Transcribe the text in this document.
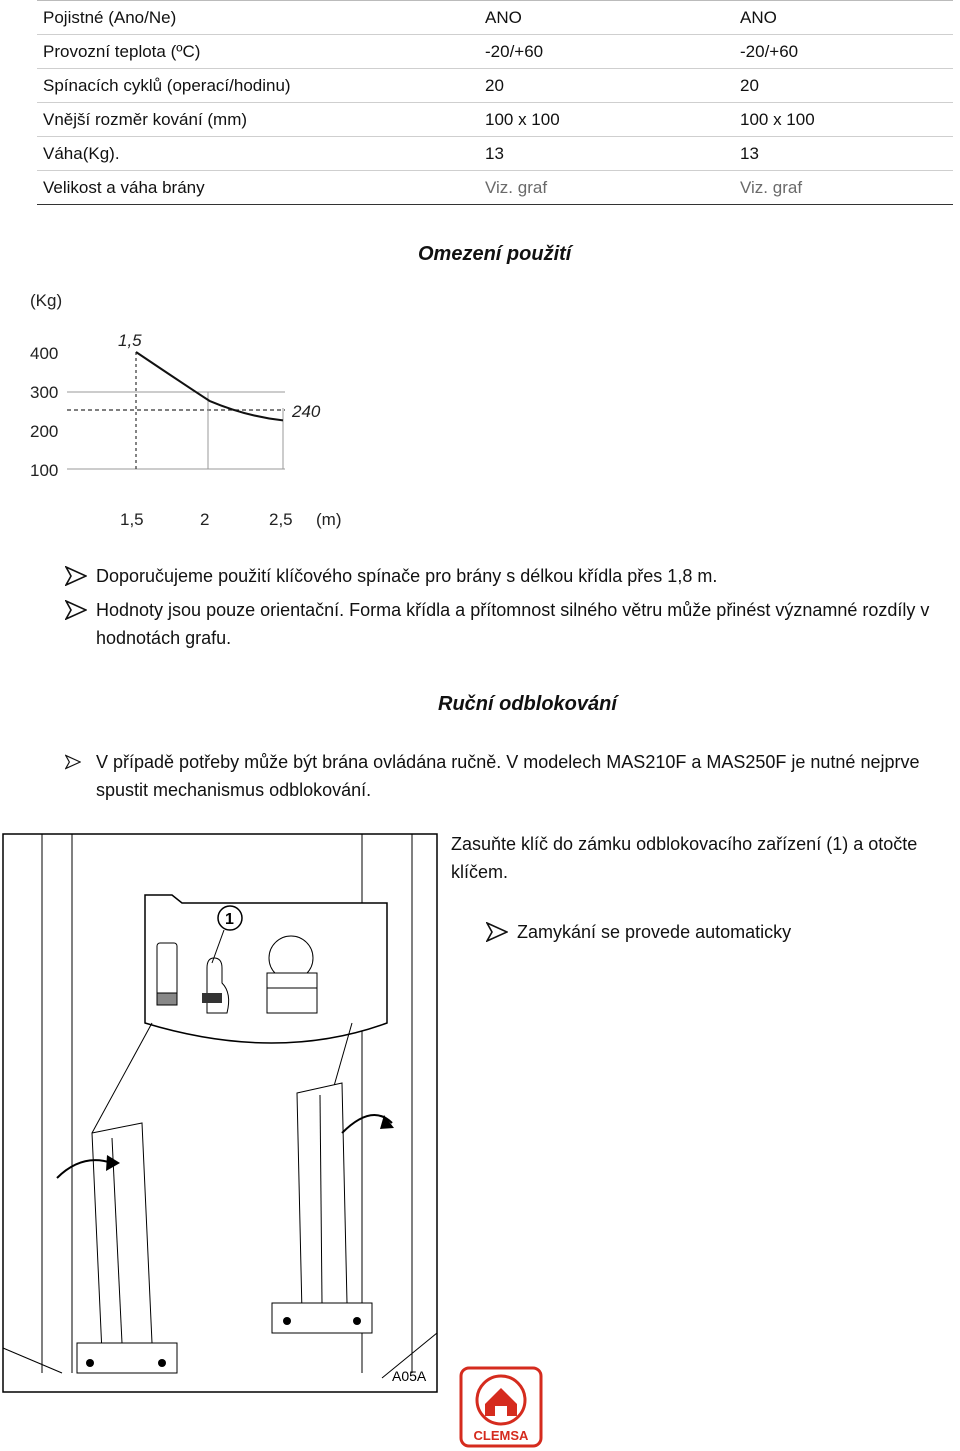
Pojistné (Ano/Ne)	ANO	ANO
Provozní teplota (ºC)	-20/+60	-20/+60
Spínacích cyklů (operací/hodinu)	20	20
Vnější rozměr kování (mm)	100 x 100	100 x 100
Váha(Kg).	13	13
Velikost a váha brány	Viz. graf	Viz. graf
Omezení použití
(Kg)
400
300
200
100
1,5
240
1,5	2	2,5 (m)
Doporučujeme použití klíčového spínače pro brány s délkou křídla přes 1,8 m.
Hodnoty jsou pouze orientační. Forma křídla a přítomnost silného větru může přinést významné rozdíly v hodnotách grafu.
Ruční odblokování
V případě potřeby může být brána ovládána ručně. V modelech MAS210F a MAS250F je nutné nejprve spustit mechanismus odblokování.
1
A05A
Zasuňte klíč do zámku odblokovacího zařízení (1) a otočte klíčem.
Zamykání se provede automaticky
CLEMSA
